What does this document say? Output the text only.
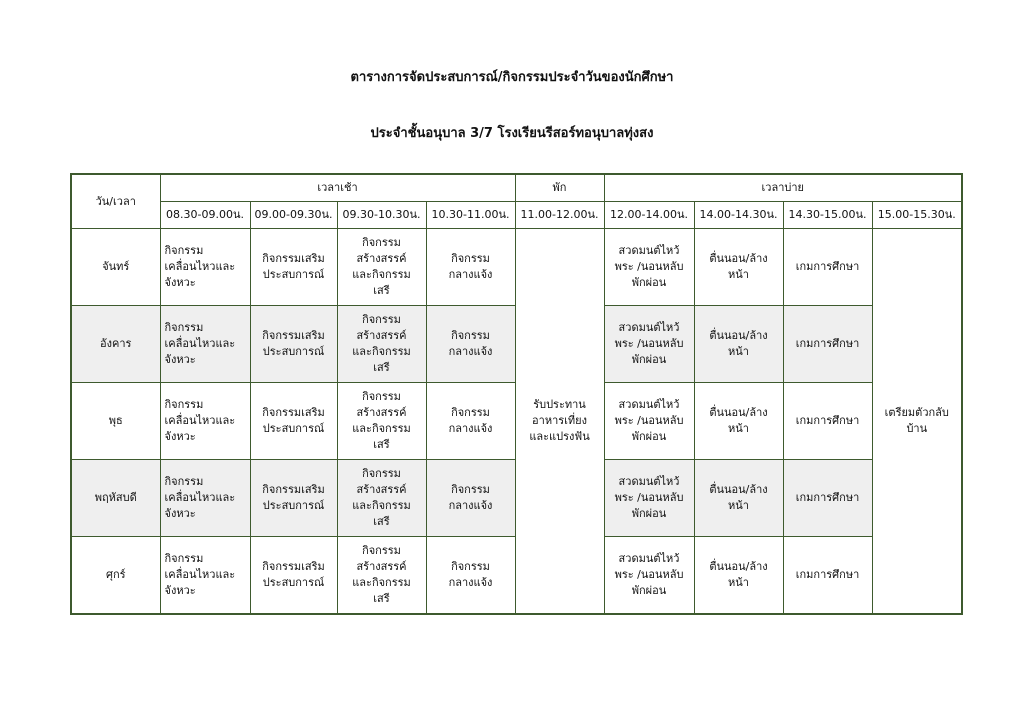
ตารางการจัดประสบการณ์/กิจกรรมประจำวันของนักศึกษา
ประจำชั้นอนุบาล 3/7 โรงเรียนรีสอร์ทอนุบาลทุ่งสง
วัน/เวลา	เวลาเช้า				พัก	เวลาบ่าย			
	08.30-09.00น.	09.00-09.30น.	09.30-10.30น.	10.30-11.00น.	11.00-12.00น.	12.00-14.00น.	14.00-14.30น.	14.30-15.00น.	15.00-15.30น.
จันทร์	กิจกรรม
เคลื่อนไหวและ
จังหวะ	กิจกรรมเสริม
ประสบการณ์	กิจกรรม
สร้างสรรค์
และกิจกรรม
เสรี	กิจกรรม
กลางแจ้ง	รับประทาน
อาหารเที่ยง
และแปรงฟัน	สวดมนต์ไหว้
พระ /นอนหลับ
พักผ่อน	ตื่นนอน/ล้าง
หน้า	เกมการศึกษา	เตรียมตัวกลับ
บ้าน

อังคาร	กิจกรรม
เคลื่อนไหวและ
จังหวะ	กิจกรรมเสริม
ประสบการณ์	กิจกรรม
สร้างสรรค์
และกิจกรรม
เสรี	กิจกรรม
กลางแจ้ง		สวดมนต์ไหว้
พระ /นอนหลับ
พักผ่อน	ตื่นนอน/ล้าง
หน้า	เกมการศึกษา	

พุธ	กิจกรรม
เคลื่อนไหวและ
จังหวะ	กิจกรรมเสริม
ประสบการณ์	กิจกรรม
สร้างสรรค์
และกิจกรรม
เสรี	กิจกรรม
กลางแจ้ง		สวดมนต์ไหว้
พระ /นอนหลับ
พักผ่อน	ตื่นนอน/ล้าง
หน้า	เกมการศึกษา	

พฤหัสบดี	กิจกรรม
เคลื่อนไหวและ
จังหวะ	กิจกรรมเสริม
ประสบการณ์	กิจกรรม
สร้างสรรค์
และกิจกรรม
เสรี	กิจกรรม
กลางแจ้ง		สวดมนต์ไหว้
พระ /นอนหลับ
พักผ่อน	ตื่นนอน/ล้าง
หน้า	เกมการศึกษา	

ศุกร์	กิจกรรม
เคลื่อนไหวและ
จังหวะ	กิจกรรมเสริม
ประสบการณ์	กิจกรรม
สร้างสรรค์
และกิจกรรม
เสรี	กิจกรรม
กลางแจ้ง		สวดมนต์ไหว้
พระ /นอนหลับ
พักผ่อน	ตื่นนอน/ล้าง
หน้า	เกมการศึกษา	
